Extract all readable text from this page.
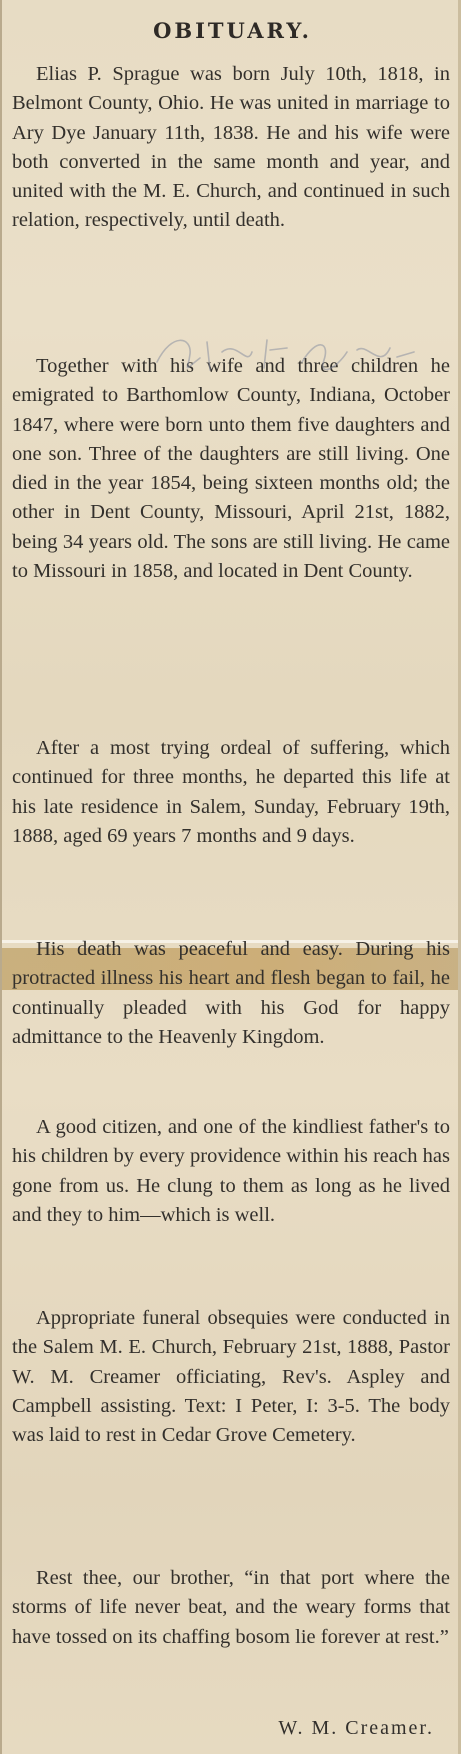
OBITUARY.
Elias P. Sprague was born July 10th, 1818, in Belmont County, Ohio. He was united in marriage to Ary Dye January 11th, 1838. He and his wife were both converted in the same month and year, and united with the M. E. Church, and continued in such relation, respectively, until death.
Together with his wife and three children he emigrated to Barthomlow County, Indiana, October 1847, where were born unto them five daughters and one son. Three of the daughters are still living. One died in the year 1854, being sixteen months old; the other in Dent County, Missouri, April 21st, 1882, being 34 years old. The sons are still living. He came to Missouri in 1858, and located in Dent County.
After a most trying ordeal of suffering, which continued for three months, he departed this life at his late residence in Salem, Sunday, February 19th, 1888, aged 69 years 7 months and 9 days.
His death was peaceful and easy. During his protracted illness his heart and flesh began to fail, he continually pleaded with his God for happy admittance to the Heavenly Kingdom.
A good citizen, and one of the kindliest father's to his children by every providence within his reach has gone from us. He clung to them as long as he lived and they to him—which is well.
Appropriate funeral obsequies were conducted in the Salem M. E. Church, February 21st, 1888, Pastor W. M. Creamer officiating, Rev's. Aspley and Campbell assisting. Text: I Peter, I: 3-5. The body was laid to rest in Cedar Grove Cemetery.
Rest thee, our brother, “in that port where the storms of life never beat, and the weary forms that have tossed on its chaffing bosom lie forever at rest.”
W. M. Creamer.
